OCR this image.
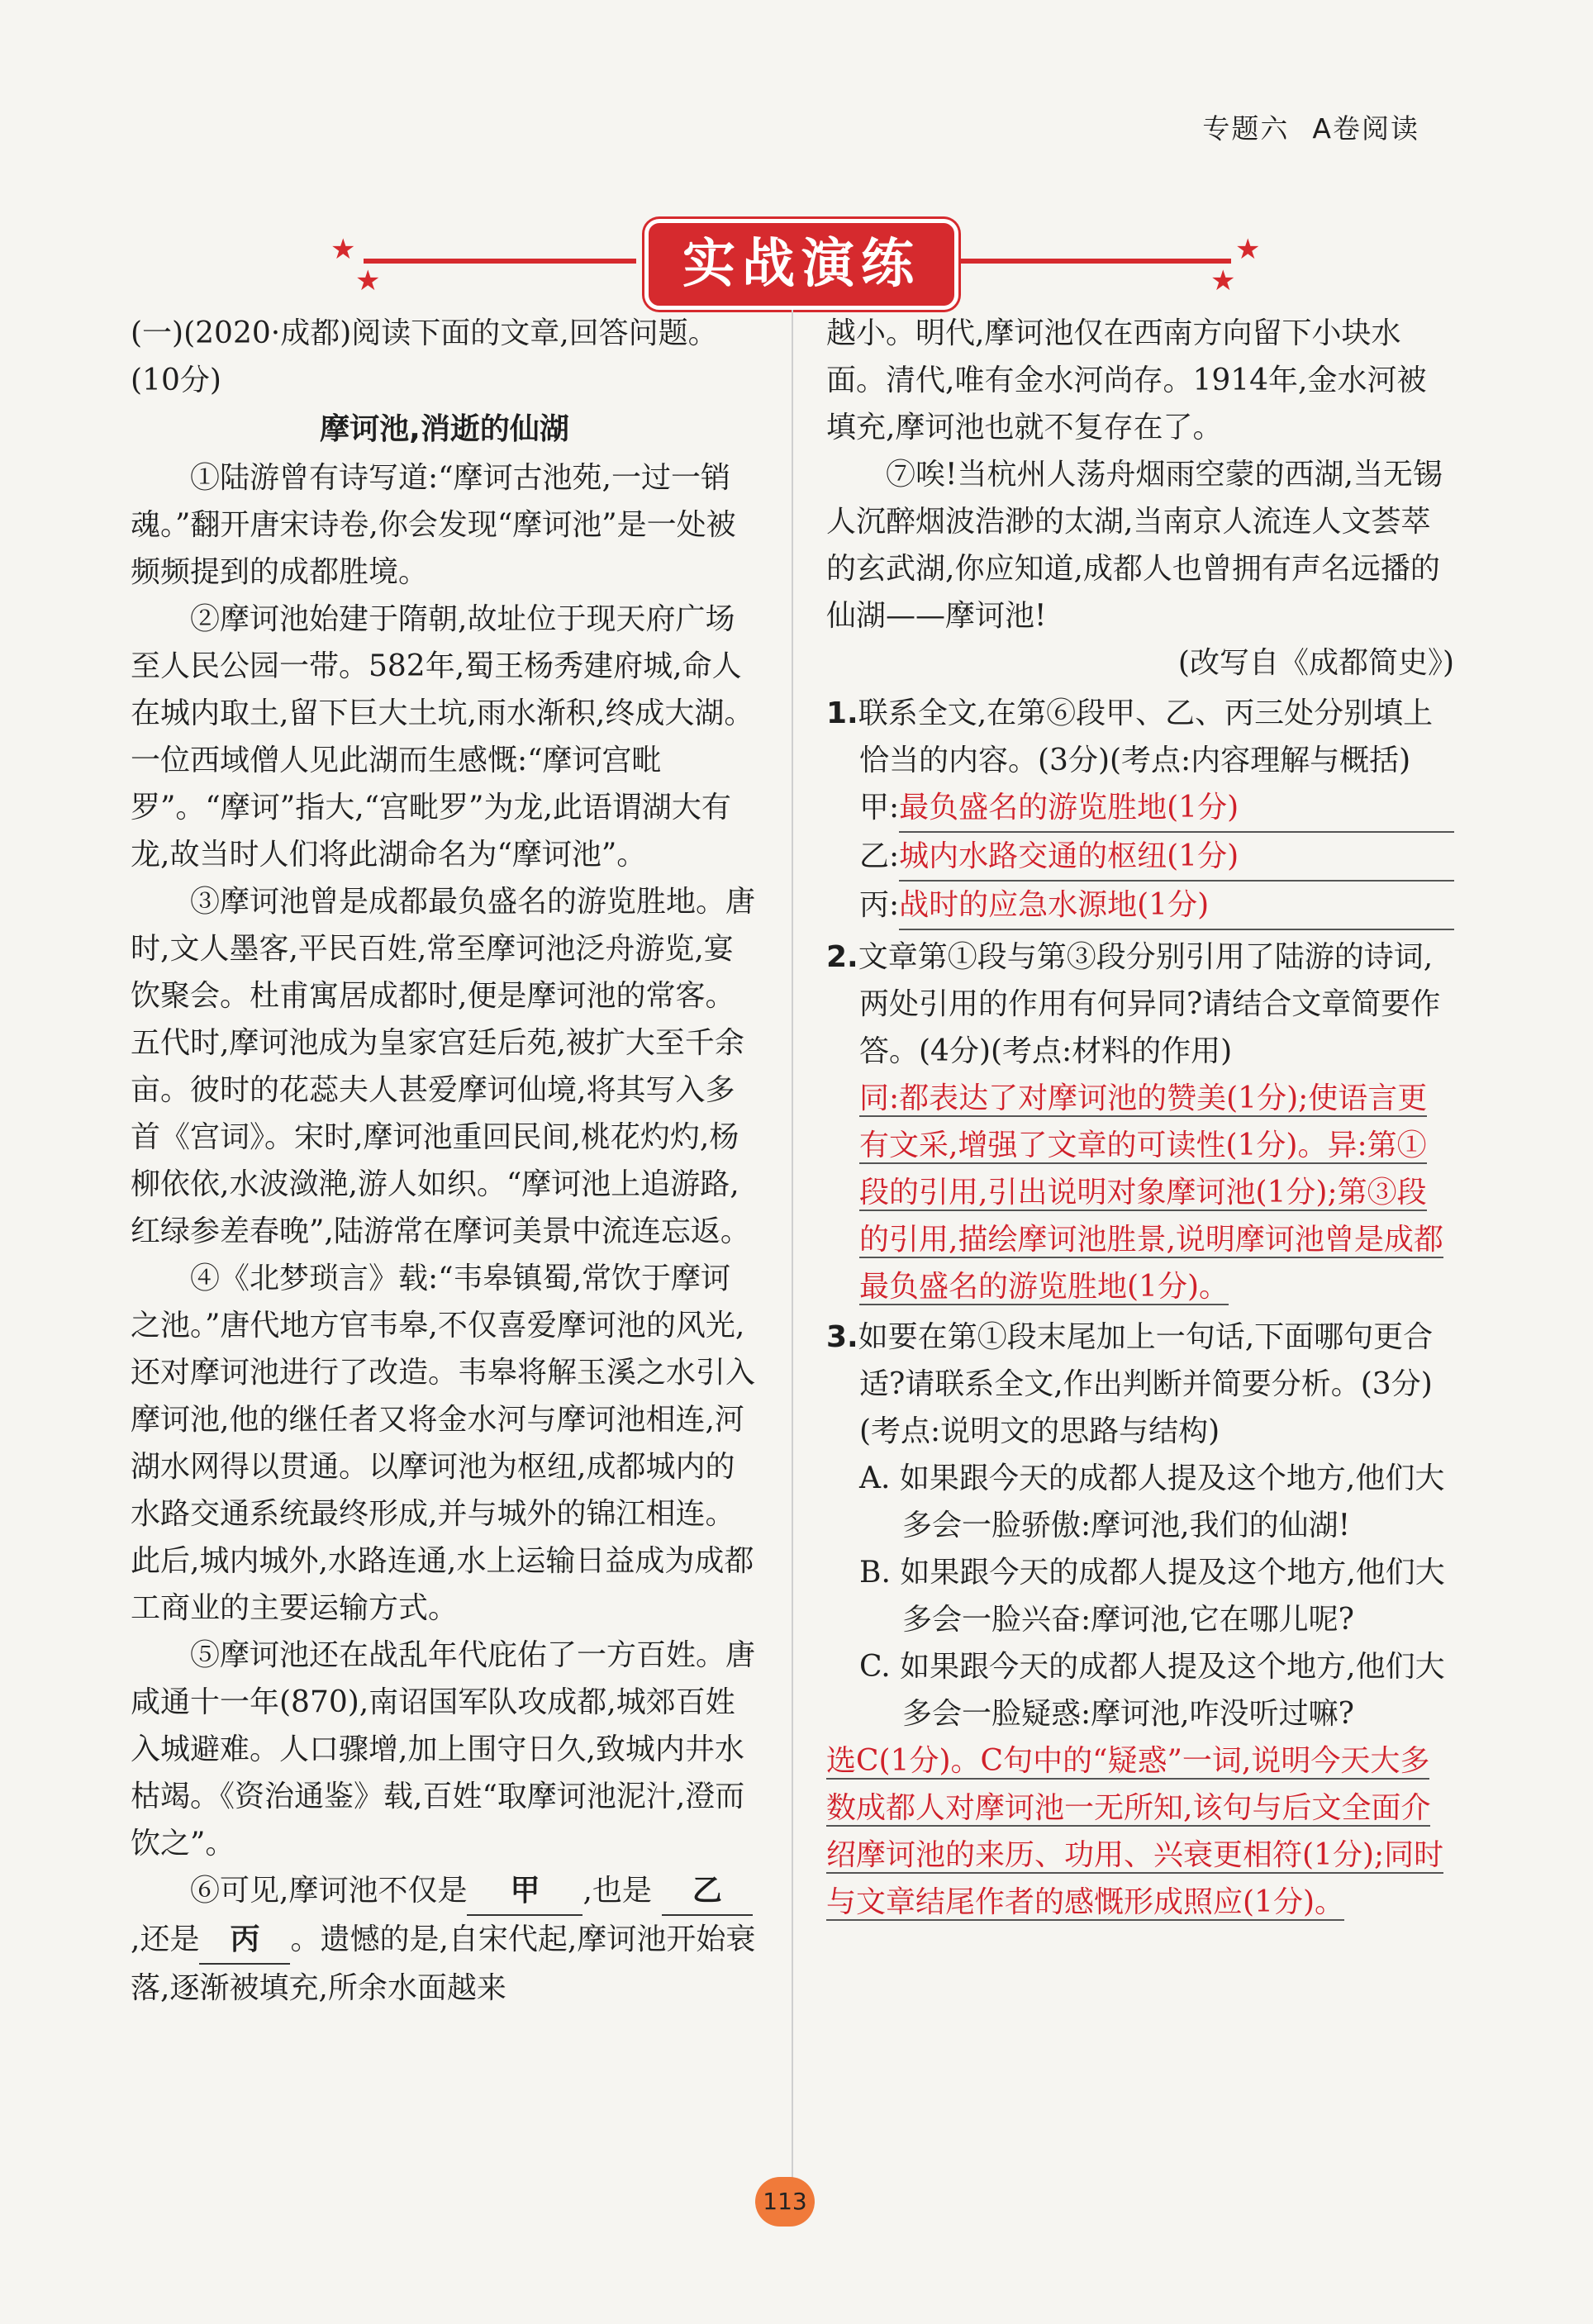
专题六 A卷阅读
★
★
★
★
实战演练

(一)(2020·成都)阅读下面的文章,回答问题。(10分)

摩诃池,消逝的仙湖

①陆游曾有诗写道:“摩诃古池苑,一过一销魂。”翻开唐宋诗卷,你会发现“摩诃池”是一处被频频提到的成都胜境。

②摩诃池始建于隋朝,故址位于现天府广场至人民公园一带。582年,蜀王杨秀建府城,命人在城内取土,留下巨大土坑,雨水渐积,终成大湖。一位西域僧人见此湖而生感慨:“摩诃宫毗罗”。“摩诃”指大,“宫毗罗”为龙,此语谓湖大有龙,故当时人们将此湖命名为“摩诃池”。

③摩诃池曾是成都最负盛名的游览胜地。唐时,文人墨客,平民百姓,常至摩诃池泛舟游览,宴饮聚会。杜甫寓居成都时,便是摩诃池的常客。五代时,摩诃池成为皇家宫廷后苑,被扩大至千余亩。彼时的花蕊夫人甚爱摩诃仙境,将其写入多首《宫词》。宋时,摩诃池重回民间,桃花灼灼,杨柳依依,水波潋滟,游人如织。“摩诃池上追游路,红绿参差春晚”,陆游常在摩诃美景中流连忘返。

④《北梦琐言》载:“韦皋镇蜀,常饮于摩诃之池。”唐代地方官韦皋,不仅喜爱摩诃池的风光,还对摩诃池进行了改造。韦皋将解玉溪之水引入摩诃池,他的继任者又将金水河与摩诃池相连,河湖水网得以贯通。以摩诃池为枢纽,成都城内的水路交通系统最终形成,并与城外的锦江相连。此后,城内城外,水路连通,水上运输日益成为成都工商业的主要运输方式。

⑤摩诃池还在战乱年代庇佑了一方百姓。唐咸通十一年(870),南诏国军队攻成都,城郊百姓入城避难。人口骤增,加上围守日久,致城内井水枯竭。《资治通鉴》载,百姓“取摩诃池泥汁,澄而饮之”。

⑥可见,摩诃池不仅是 甲 ,也是 乙,还是 丙 。遗憾的是,自宋代起,摩诃池开始衰落,逐渐被填充,所余水面越来

越小。明代,摩诃池仅在西南方向留下小块水面。清代,唯有金水河尚存。1914年,金水河被填充,摩诃池也就不复存在了。

⑦唉!当杭州人荡舟烟雨空蒙的西湖,当无锡人沉醉烟波浩渺的太湖,当南京人流连人文荟萃的玄武湖,你应知道,成都人也曾拥有声名远播的仙湖——摩诃池!

(改写自《成都简史》)

1.联系全文,在第⑥段甲、乙、丙三处分别填上恰当的内容。(3分)(考点:内容理解与概括)

甲: 最负盛名的游览胜地(1分)
乙: 城内水路交通的枢纽(1分)
丙: 战时的应急水源地(1分)

2.文章第①段与第③段分别引用了陆游的诗词,两处引用的作用有何异同?请结合文章简要作答。(4分)(考点:材料的作用)

同:都表达了对摩诃池的赞美(1分);使语言更有文采,增强了文章的可读性(1分)。异:第①段的引用,引出说明对象摩诃池(1分);第③段的引用,描绘摩诃池胜景,说明摩诃池曾是成都最负盛名的游览胜地(1分)。

3.如要在第①段末尾加上一句话,下面哪句更合适?请联系全文,作出判断并简要分析。(3分)(考点:说明文的思路与结构)

A. 如果跟今天的成都人提及这个地方,他们大多会一脸骄傲:摩诃池,我们的仙湖!

B. 如果跟今天的成都人提及这个地方,他们大多会一脸兴奋:摩诃池,它在哪儿呢?

C. 如果跟今天的成都人提及这个地方,他们大多会一脸疑惑:摩诃池,咋没听过嘛?

选C(1分)。C句中的“疑惑”一词,说明今天大多数成都人对摩诃池一无所知,该句与后文全面介绍摩诃池的来历、功用、兴衰更相符(1分);同时与文章结尾作者的感慨形成照应(1分)。

113
